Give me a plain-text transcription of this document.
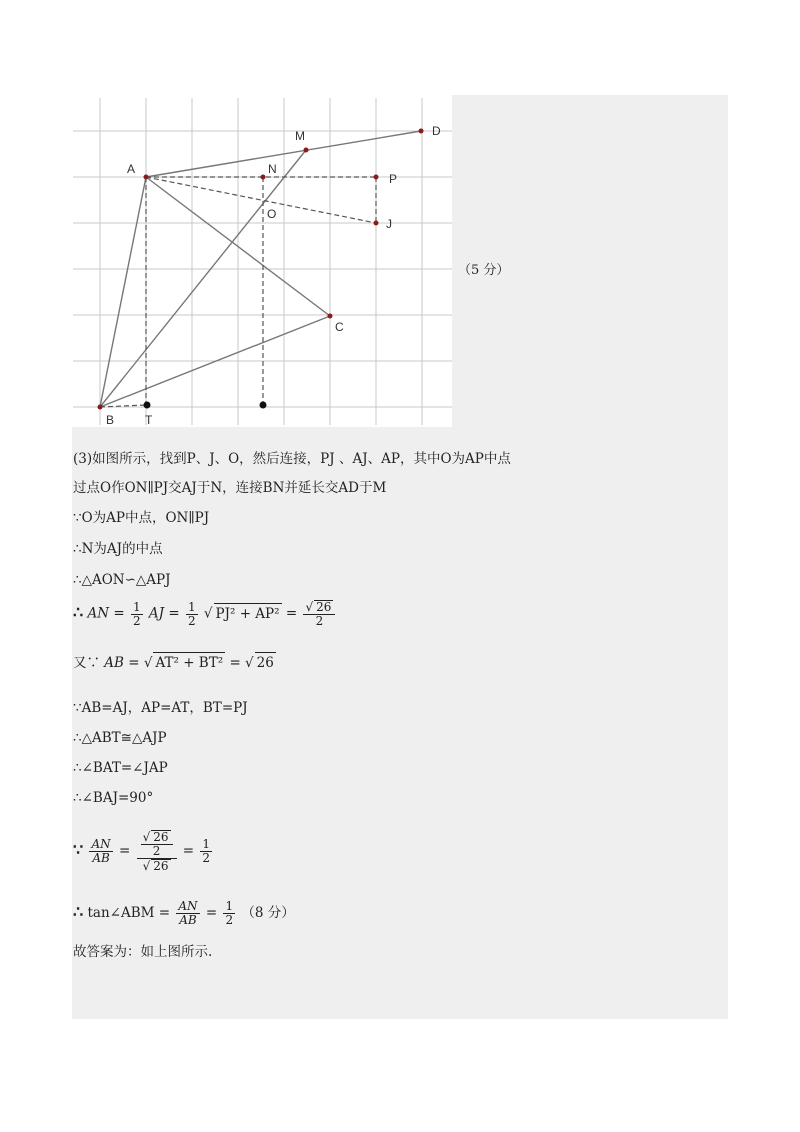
A
B
C
D
M
N
O
P
J
T
（5 分）
(3)如图所示，找到P、J、O，然后连接，PJ 、AJ、AP，其中O为AP中点
过点O作ON∥PJ交AJ于N，连接BN并延长交AD于M
∵O为AP中点，ON∥PJ
∴N为AJ的中点
∴△AON∽△APJ
∴ AN = $\frac{1}{2}$ AJ = $\frac{1}{2}$ √ $PJ^2 + AP^2 = \frac{√ 26}{2}$
又∵ AB = √ AT² + BT² = √ 26
∵AB=AJ，AP=AT，BT=PJ
∴△ABT≅△AJP
∴∠BAT=∠JAP
∴∠BAJ=90°
∵ $\frac{AN}{AB} = \frac{\frac{√ 26}{2}}{√ 26} = \frac{1}{2}$
∴ tan∠ABM = $\frac{AN}{AB} = \frac{1}{2} (8$ 分）
故答案为：如上图所示.
